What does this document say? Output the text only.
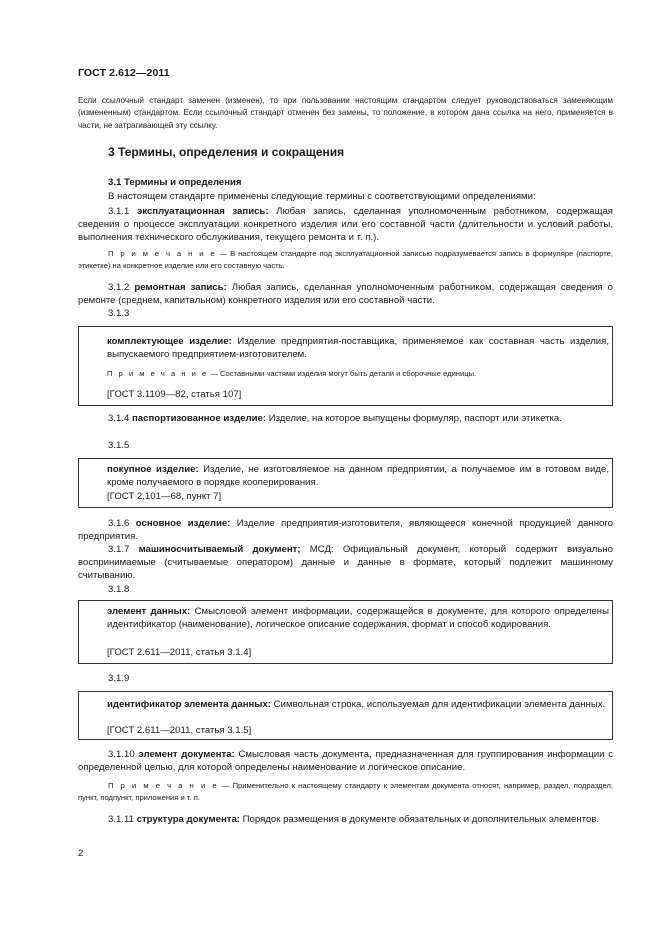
ГОСТ 2.612—2011
Если ссылочный стандарт заменен (изменен), то при пользовании настоящим стандартом следует руководствоваться заменяющим (измененным) стандартом. Если ссылочный стандарт отменен без замены, то положение, в котором дана ссылка на него, применяется в части, не затрагивающей эту ссылку.
3 Термины, определения и сокращения
3.1 Термины и определения
В настоящем стандарте применены следующие термины с соответствующими определениями:
3.1.1 эксплуатационная запись: Любая запись, сделанная уполномоченным работником, содержащая сведения о процессе эксплуатации конкретного изделия или его составной части (длительности и условий работы, выполнения технического обслуживания, текущего ремонта и т. п.).
П р и м е ч а н и е — В настоящем стандарте под эксплуатационной записью подразумевается запись в формуляре (паспорте, этикетке) на конкретное изделие или его составную часть.
3.1.2 ремонтная запись: Любая запись, сделанная уполномоченным работником, содержащая сведения о ремонте (среднем, капитальном) конкретного изделия или его составной части.
3.1.3
комплектующее изделие: Изделие предприятия-поставщика, применяемое как составная часть изделия, выпускаемого предприятием-изготовителем.
П р и м е ч а н и е — Составными частями изделия могут быть детали и сборочные единицы.
[ГОСТ 3.1109—82, статья 107]
3.1.4 паспортизованное изделие: Изделие, на которое выпущены формуляр, паспорт или этикетка.
3.1.5
покупное изделие: Изделие, не изготовляемое на данном предприятии, а получаемое им в готовом виде, кроме получаемого в порядке кооперирования.
[ГОСТ 2.101—68, пункт 7]
3.1.6 основное изделие: Изделие предприятия-изготовителя, являющееся конечной продукцией данного предприятия.
3.1.7 машиносчитываемый документ; МСД: Официальный документ, который содержит визуально воспринимаемые (считываемые оператором) данные и данные в формате, который подлежит машинному считыванию.
3.1.8
элемент данных: Смысловой элемент информации, содержащейся в документе, для которого определены идентификатор (наименование), логическое описание содержания, формат и способ кодирования.
[ГОСТ 2.611—2011, статья 3.1.4]
3.1.9
идентификатор элемента данных: Символьная строка, используемая для идентификации элемента данных.
[ГОСТ 2.611—2011, статья 3.1.5]
3.1.10 элемент документа: Смысловая часть документа, предназначенная для группирования информации с определенной целью, для которой определены наименование и логическое описание.
П р и м е ч а н и е — Применительно к настоящему стандарту к элементам документа относят, например, раздел, подраздел, пункт, подпункт, приложения и т. п.
3.1.11 структура документа: Порядок размещения в документе обязательных и дополнительных элементов.
2
